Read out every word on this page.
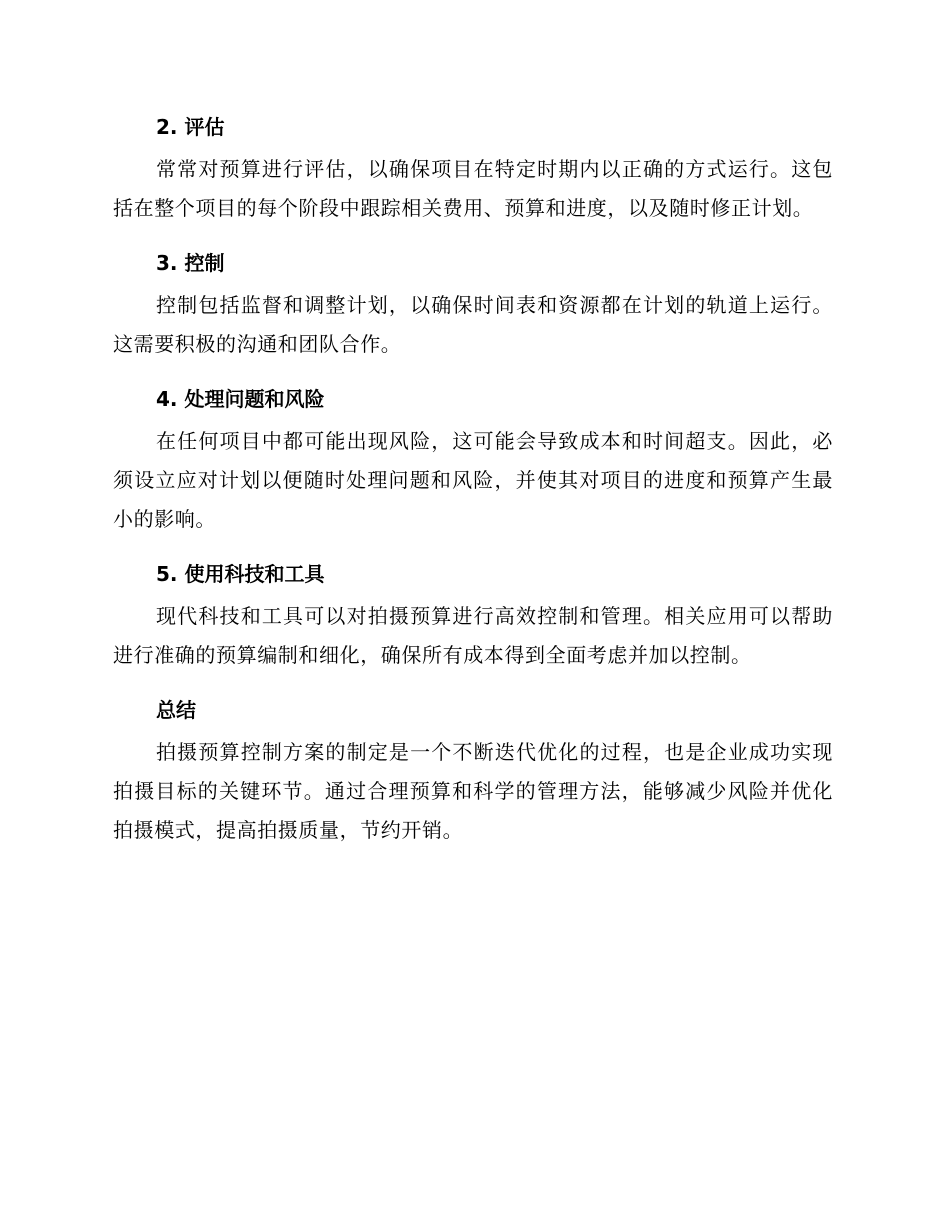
2. 评估

常常对预算进行评估，以确保项目在特定时期内以正确的方式运行。这包括在整个项目的每个阶段中跟踪相关费用、预算和进度，以及随时修正计划。

3. 控制

控制包括监督和调整计划，以确保时间表和资源都在计划的轨道上运行。这需要积极的沟通和团队合作。

4. 处理问题和风险

在任何项目中都可能出现风险，这可能会导致成本和时间超支。因此，必须设立应对计划以便随时处理问题和风险，并使其对项目的进度和预算产生最小的影响。

5. 使用科技和工具

现代科技和工具可以对拍摄预算进行高效控制和管理。相关应用可以帮助进行准确的预算编制和细化，确保所有成本得到全面考虑并加以控制。

总结

拍摄预算控制方案的制定是一个不断迭代优化的过程，也是企业成功实现拍摄目标的关键环节。通过合理预算和科学的管理方法，能够减少风险并优化拍摄模式，提高拍摄质量，节约开销。
